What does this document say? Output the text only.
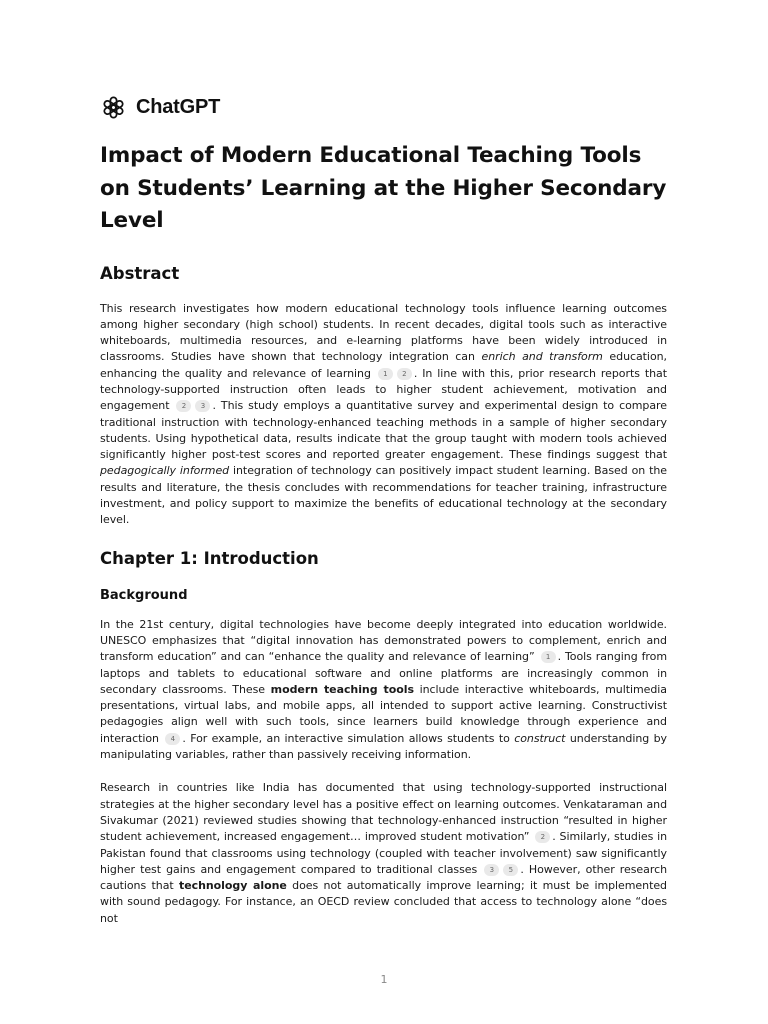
ChatGPT
Impact of Modern Educational Teaching Tools on Students’ Learning at the Higher Secondary Level
Abstract

This research investigates how modern educational technology tools influence learning outcomes among higher secondary (high school) students. In recent decades, digital tools such as interactive whiteboards, multimedia resources, and e-learning platforms have been widely introduced in classrooms. Studies have shown that technology integration can enrich and transform education, enhancing the quality and relevance of learning 1 2 . In line with this, prior research reports that technology-supported instruction often leads to higher student achievement, motivation and engagement 2 3 . This study employs a quantitative survey and experimental design to compare traditional instruction with technology-enhanced teaching methods in a sample of higher secondary students. Using hypothetical data, results indicate that the group taught with modern tools achieved significantly higher post-test scores and reported greater engagement. These findings suggest that pedagogically informed integration of technology can positively impact student learning. Based on the results and literature, the thesis concludes with recommendations for teacher training, infrastructure investment, and policy support to maximize the benefits of educational technology at the secondary level.

Chapter 1: Introduction
Background

In the 21st century, digital technologies have become deeply integrated into education worldwide. UNESCO emphasizes that “digital innovation has demonstrated powers to complement, enrich and transform education” and can “enhance the quality and relevance of learning” 1 . Tools ranging from laptops and tablets to educational software and online platforms are increasingly common in secondary classrooms. These modern teaching tools include interactive whiteboards, multimedia presentations, virtual labs, and mobile apps, all intended to support active learning. Constructivist pedagogies align well with such tools, since learners build knowledge through experience and interaction 4 . For example, an interactive simulation allows students to construct understanding by manipulating variables, rather than passively receiving information.

Research in countries like India has documented that using technology-supported instructional strategies at the higher secondary level has a positive effect on learning outcomes. Venkataraman and Sivakumar (2021) reviewed studies showing that technology-enhanced instruction “resulted in higher student achievement, increased engagement… improved student motivation” 2 . Similarly, studies in Pakistan found that classrooms using technology (coupled with teacher involvement) saw significantly higher test gains and engagement compared to traditional classes 3 5 . However, other research cautions that technology alone does not automatically improve learning; it must be implemented with sound pedagogy. For instance, an OECD review concluded that access to technology alone “does not

1
